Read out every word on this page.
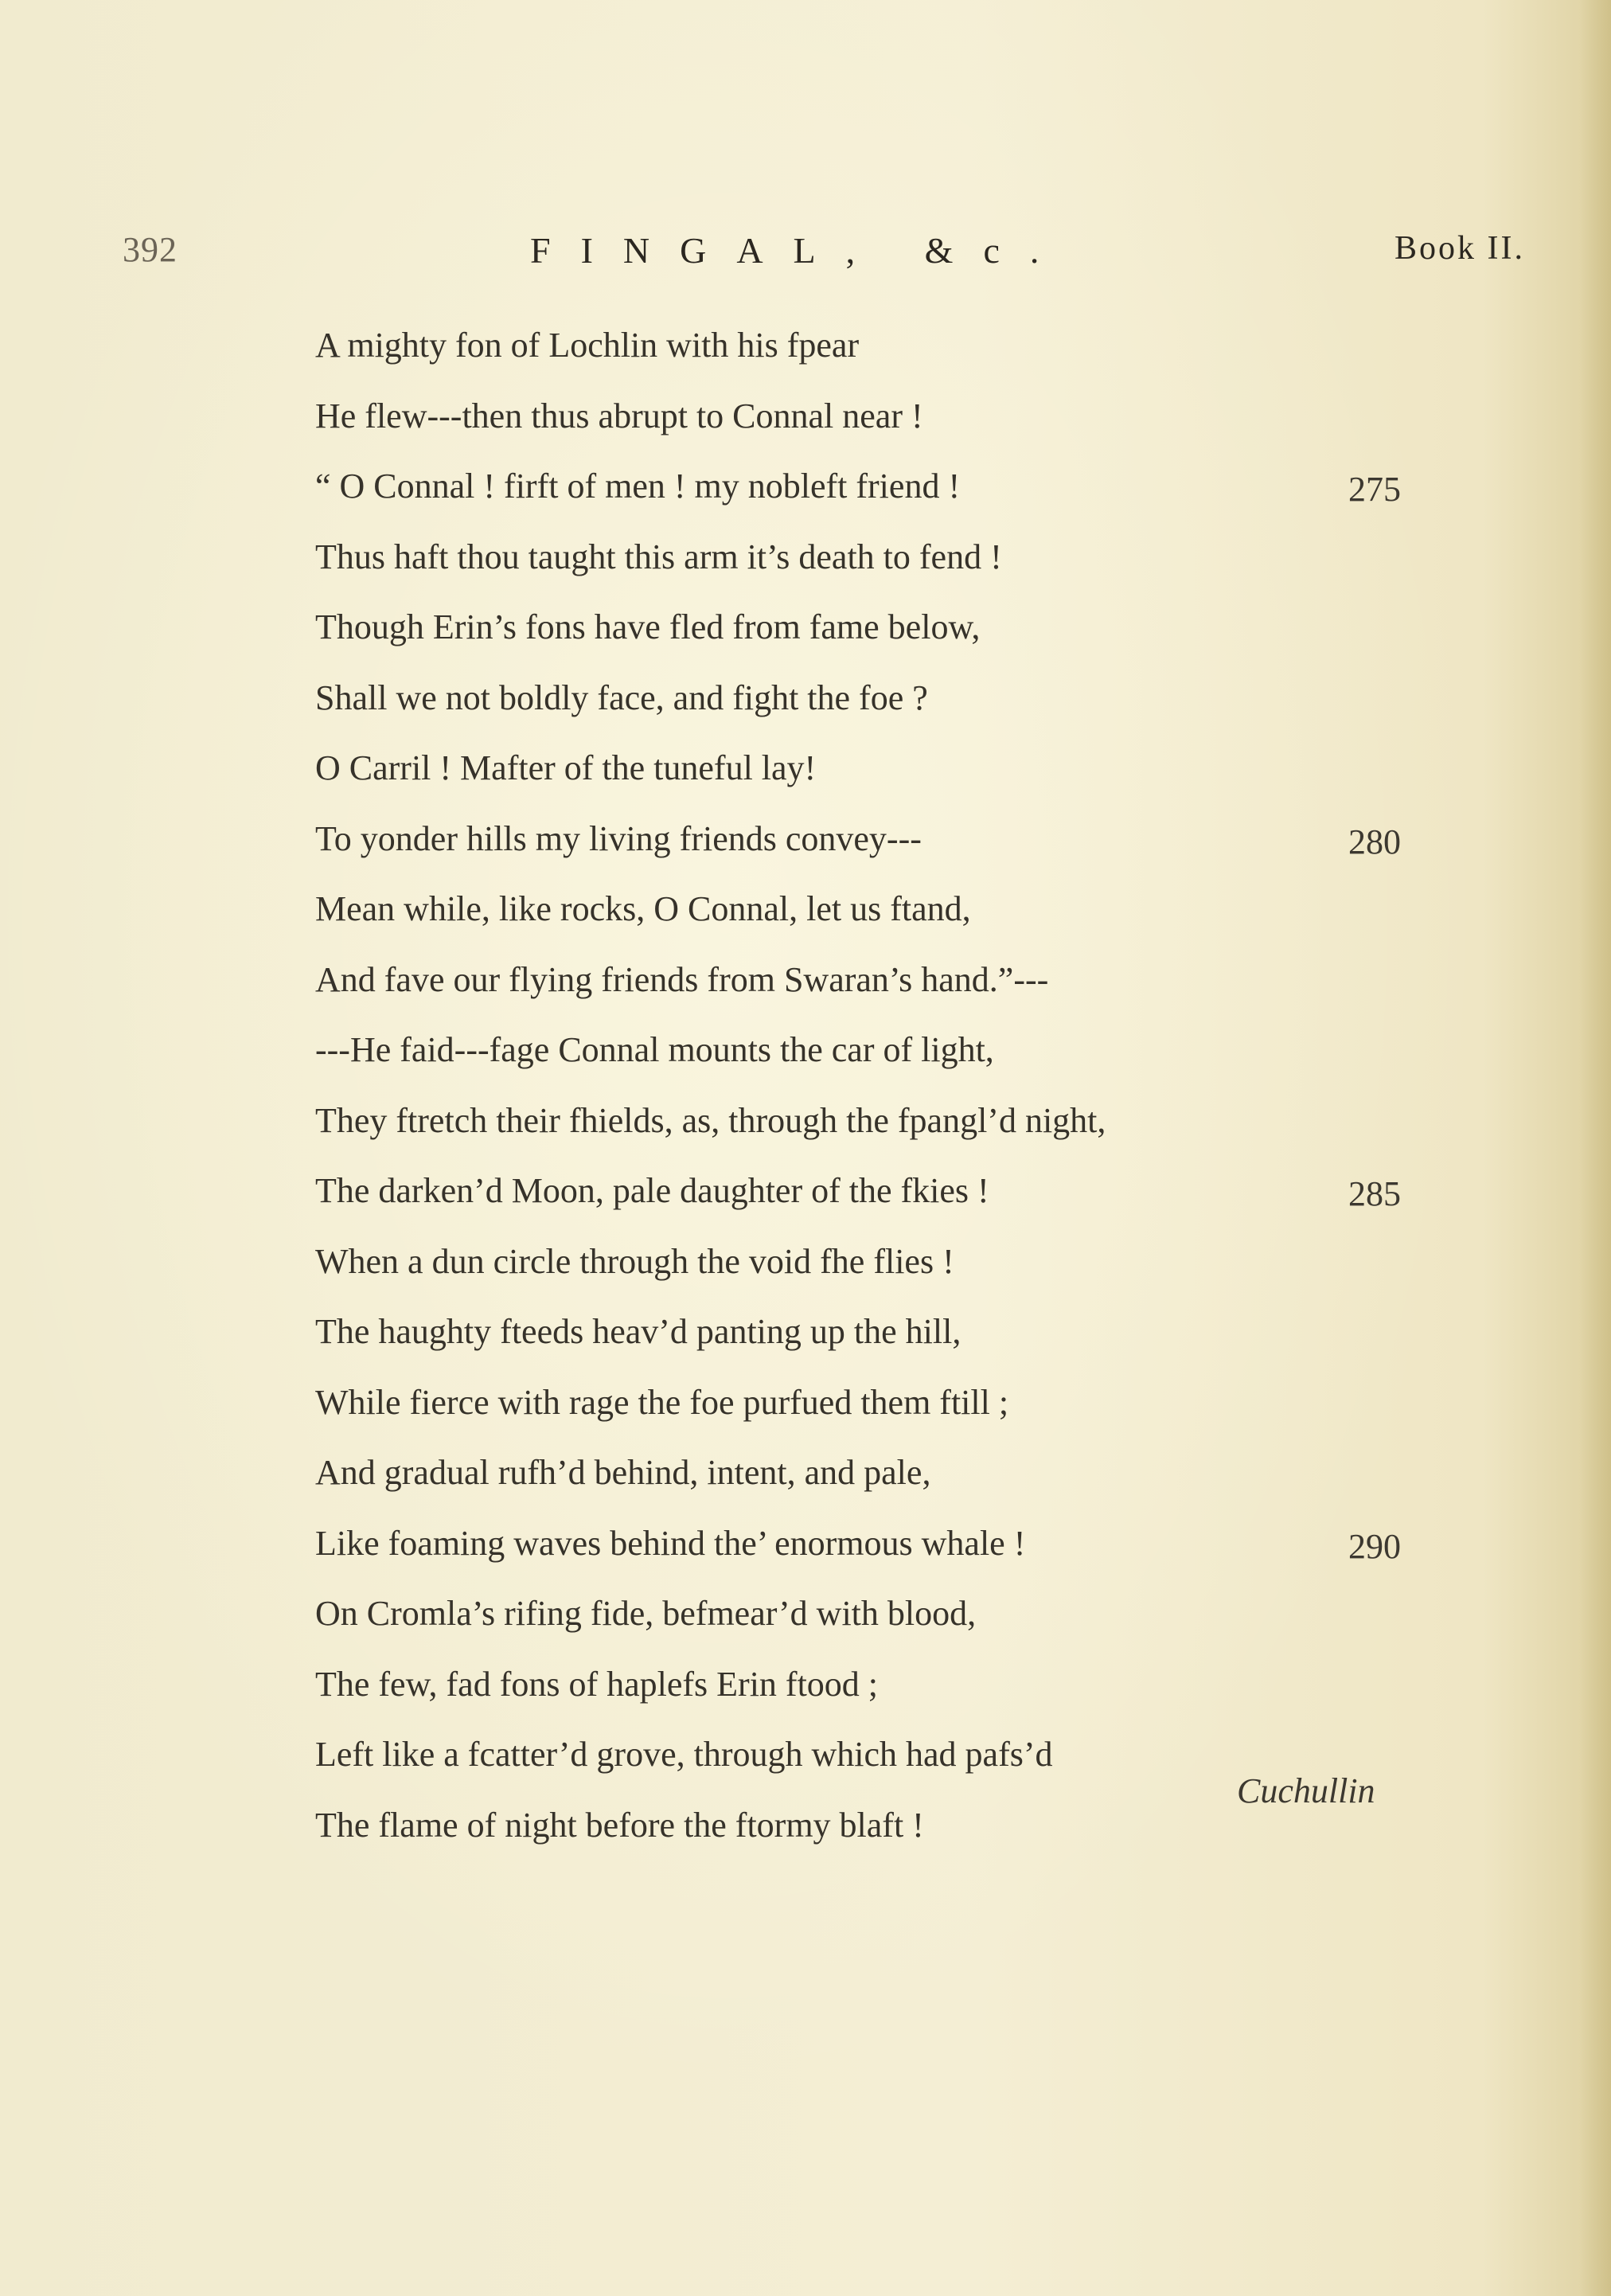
392	FINGAL, &c.	Book II.
A mighty fon of Lochlin with his fpear
He flew---then thus abrupt to Connal near !
“ O Connal ! firft of men ! my nobleft friend !	275
Thus haft thou taught this arm it’s death to fend !
Though Erin’s fons have fled from fame below,
Shall we not boldly face, and fight the foe ?
O Carril ! Mafter of the tuneful lay!
To yonder hills my living friends convey---	280
Mean while, like rocks, O Connal, let us ftand,
And fave our flying friends from Swaran’s hand.”---
---He faid---fage Connal mounts the car of light,
They ftretch their fhields, as, through the fpangl’d night,
The darken’d Moon, pale daughter of the fkies !	285
When a dun circle through the void fhe flies !
The haughty fteeds heav’d panting up the hill,
While fierce with rage the foe purfued them ftill ;
And gradual rufh’d behind, intent, and pale,
Like foaming waves behind the’ enormous whale !	290
On Cromla’s rifing fide, befmear’d with blood,
The few, fad fons of haplefs Erin ftood ;
Left like a fcatter’d grove, through which had pafs’d
The flame of night before the ftormy blaft !
Cuchullin
